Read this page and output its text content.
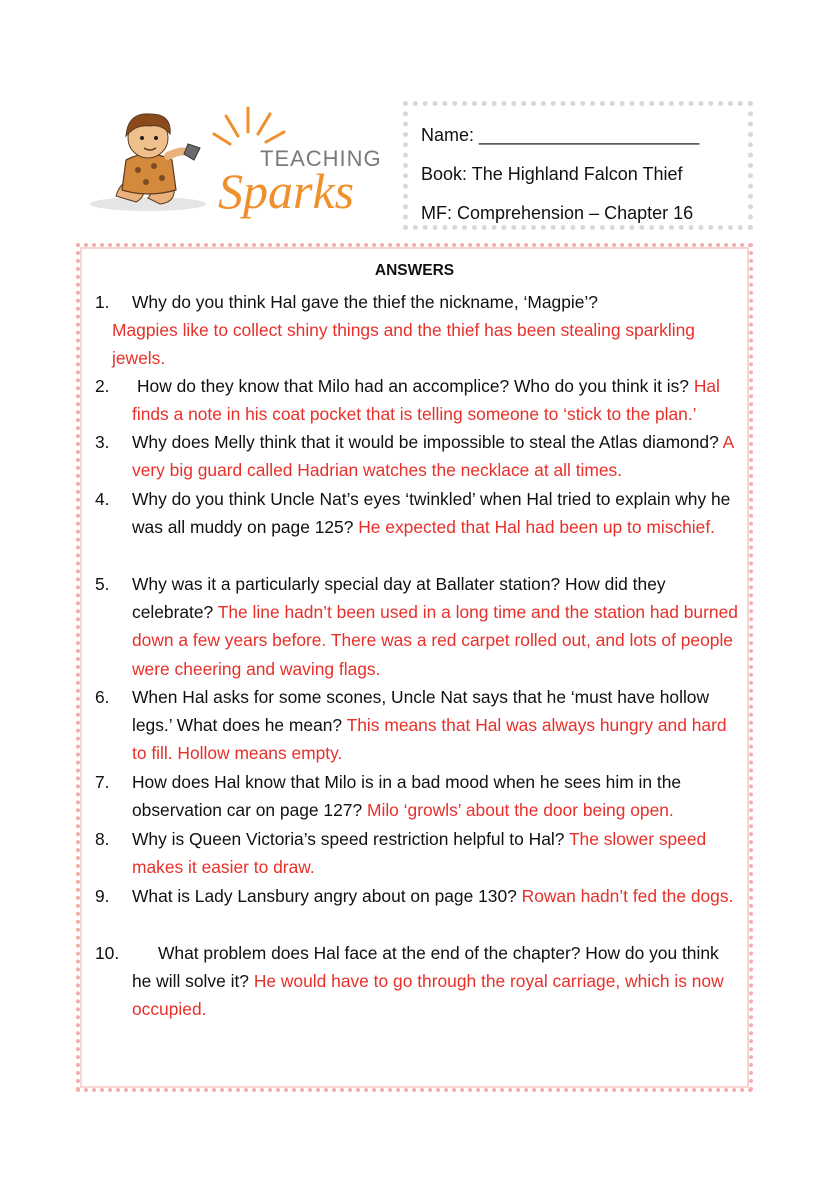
TEACHING
Sparks
Name: ______________________
Book: The Highland Falcon Thief
MF: Comprehension – Chapter 16
ANSWERS
1. Why do you think Hal gave the thief the nickname, ‘Magpie’?
Magpies like to collect shiny things and the thief has been stealing sparkling jewels.
2. How do they know that Milo had an accomplice? Who do you think it is? Hal finds a note in his coat pocket that is telling someone to ‘stick to the plan.’
3. Why does Melly think that it would be impossible to steal the Atlas diamond? A very big guard called Hadrian watches the necklace at all times.
4. Why do you think Uncle Nat’s eyes ‘twinkled’ when Hal tried to explain why he was all muddy on page 125? He expected that Hal had been up to mischief.
5. Why was it a particularly special day at Ballater station? How did they celebrate? The line hadn’t been used in a long time and the station had burned down a few years before. There was a red carpet rolled out, and lots of people were cheering and waving flags.
6. When Hal asks for some scones, Uncle Nat says that he ‘must have hollow legs.’ What does he mean? This means that Hal was always hungry and hard to fill. Hollow means empty.
7. How does Hal know that Milo is in a bad mood when he sees him in the observation car on page 127? Milo ‘growls’ about the door being open.
8. Why is Queen Victoria’s speed restriction helpful to Hal? The slower speed makes it easier to draw.
9. What is Lady Lansbury angry about on page 130? Rowan hadn’t fed the dogs.
10.	What problem does Hal face at the end of the chapter? How do you think he will solve it? He would have to go through the royal carriage, which is now occupied.
